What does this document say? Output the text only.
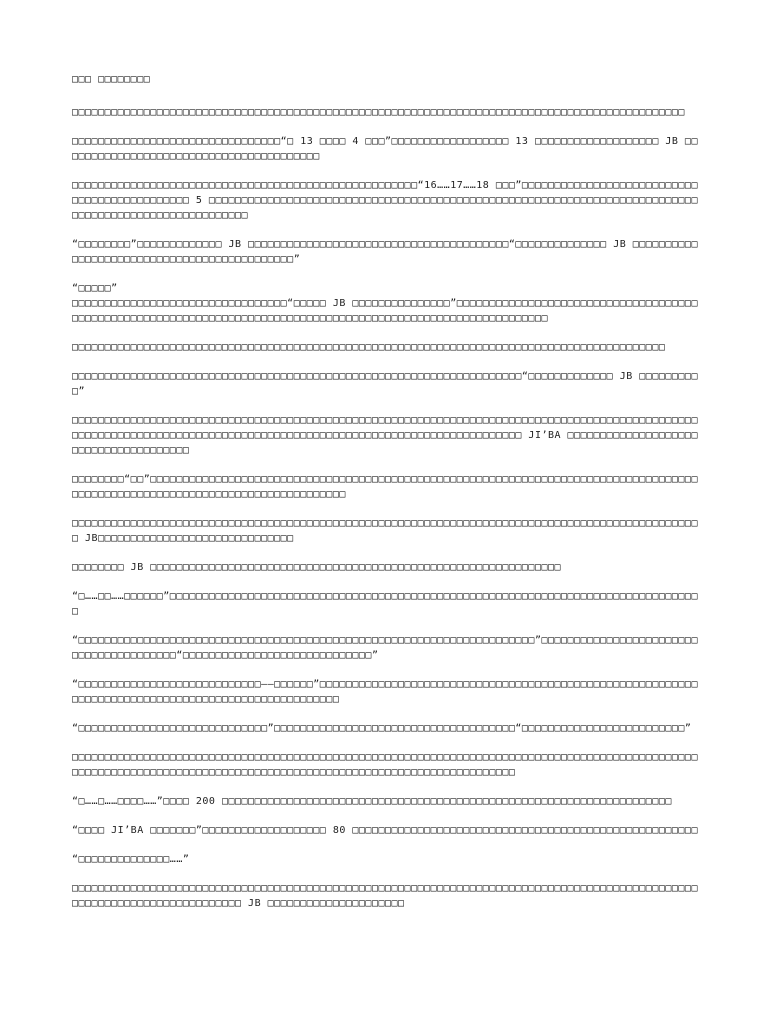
□□□ □□□□□□□□

□□□□□□□□□□□□□□□□□□□□□□□□□□□□□□□□□□□□□□□□□□□□□□□□□□□□□□□□□□□□□□□□□□□□□□□□□□□□□□□□□□□□□□□□□□□□□□

□□□□□□□□□□□□□□□□□□□□□□□□□□□□□□□□“□ 13 □□□□ 4 □□□”□□□□□□□□□□□□□□□□□□ 13 □□□□□□□□□□□□□□□□□□□ JB □□□□□□□□□□□□□□□□□□□□□□□□□□□□□□□□□□□□□□□□

□□□□□□□□□□□□□□□□□□□□□□□□□□□□□□□□□□□□□□□□□□□□□□□□□□□□□“16……17……18 □□□”□□□□□□□□□□□□□□□□□□□□□□□□□□□□□□□□□□□□□□□□□□□□□ 5 □□□□□□□□□□□□□□□□□□□□□□□□□□□□□□□□□□□□□□□□□□□□□□□□□□□□□□□□□□□□□□□□□□□□□□□□□□□□□□□□□□□□□□□□□□□□□□□□□□□□□□

“□□□□□□□□”□□□□□□□□□□□□□ JB □□□□□□□□□□□□□□□□□□□□□□□□□□□□□□□□□□□□□□□□“□□□□□□□□□□□□□□ JB □□□□□□□□□□□□□□□□□□□□□□□□□□□□□□□□□□□□□□□□□□□□”

“□□□□□”
□□□□□□□□□□□□□□□□□□□□□□□□□□□□□□□□□“□□□□□ JB □□□□□□□□□□□□□□□”□□□□□□□□□□□□□□□□□□□□□□□□□□□□□□□□□□□□□□□□□□□□□□□□□□□□□□□□□□□□□□□□□□□□□□□□□□□□□□□□□□□□□□□□□□□□□□□□□□□□□□□□□□□□□□

□□□□□□□□□□□□□□□□□□□□□□□□□□□□□□□□□□□□□□□□□□□□□□□□□□□□□□□□□□□□□□□□□□□□□□□□□□□□□□□□□□□□□□□□□□□

□□□□□□□□□□□□□□□□□□□□□□□□□□□□□□□□□□□□□□□□□□□□□□□□□□□□□□□□□□□□□□□□□□□□□“□□□□□□□□□□□□□ JB □□□□□□□□□□”

□□□□□□□□□□□□□□□□□□□□□□□□□□□□□□□□□□□□□□□□□□□□□□□□□□□□□□□□□□□□□□□□□□□□□□□□□□□□□□□□□□□□□□□□□□□□□□□□□□□□□□□□□□□□□□□□□□□□□□□□□□□□□□□□□□□□□□□□□□□□□□□□□□□□□□□□□□□□□□□□□□□□□ JI’BA □□□□□□□□□□□□□□□□□□□□□□□□□□□□□□□□□□□□□□

□□□□□□□□“□□”□□□□□□□□□□□□□□□□□□□□□□□□□□□□□□□□□□□□□□□□□□□□□□□□□□□□□□□□□□□□□□□□□□□□□□□□□□□□□□□□□□□□□□□□□□□□□□□□□□□□□□□□□□□□□□□□□□□□□□□□□□□□□□

□□□□□□□□□□□□□□□□□□□□□□□□□□□□□□□□□□□□□□□□□□□□□□□□□□□□□□□□□□□□□□□□□□□□□□□□□□□□□□□□□□□□□□□□□□□□□□□□□ JB□□□□□□□□□□□□□□□□□□□□□□□□□□□□□□

□□□□□□□□ JB □□□□□□□□□□□□□□□□□□□□□□□□□□□□□□□□□□□□□□□□□□□□□□□□□□□□□□□□□□□□□□□

“□……□□……□□□□□□”□□□□□□□□□□□□□□□□□□□□□□□□□□□□□□□□□□□□□□□□□□□□□□□□□□□□□□□□□□□□□□□□□□□□□□□□□□□□□□□□□□

“□□□□□□□□□□□□□□□□□□□□□□□□□□□□□□□□□□□□□□□□□□□□□□□□□□□□□□□□□□□□□□□□□□□□□□”□□□□□□□□□□□□□□□□□□□□□□□□□□□□□□□□□□□□□□□□“□□□□□□□□□□□□□□□□□□□□□□□□□□□□□”

“□□□□□□□□□□□□□□□□□□□□□□□□□□□□——□□□□□□”□□□□□□□□□□□□□□□□□□□□□□□□□□□□□□□□□□□□□□□□□□□□□□□□□□□□□□□□□□□□□□□□□□□□□□□□□□□□□□□□□□□□□□□□□□□□□□□□□□□

“□□□□□□□□□□□□□□□□□□□□□□□□□□□□□”□□□□□□□□□□□□□□□□□□□□□□□□□□□□□□□□□□□□□“□□□□□□□□□□□□□□□□□□□□□□□□□”

□□□□□□□□□□□□□□□□□□□□□□□□□□□□□□□□□□□□□□□□□□□□□□□□□□□□□□□□□□□□□□□□□□□□□□□□□□□□□□□□□□□□□□□□□□□□□□□□□□□□□□□□□□□□□□□□□□□□□□□□□□□□□□□□□□□□□□□□□□□□□□□□□□□□□□□□□□□□□□□□□□□□

“□……□……□□□□……”□□□□ 200 □□□□□□□□□□□□□□□□□□□□□□□□□□□□□□□□□□□□□□□□□□□□□□□□□□□□□□□□□□□□□□□□□□□□□

“□□□□ JI’BA □□□□□□□”□□□□□□□□□□□□□□□□□□□ 80 □□□□□□□□□□□□□□□□□□□□□□□□□□□□□□□□□□□□□□□□□□□□□□□□□□□□□

“□□□□□□□□□□□□□□……”

□□□□□□□□□□□□□□□□□□□□□□□□□□□□□□□□□□□□□□□□□□□□□□□□□□□□□□□□□□□□□□□□□□□□□□□□□□□□□□□□□□□□□□□□□□□□□□□□□□□□□□□□□□□□□□□□□□□□□□□□□□ JB □□□□□□□□□□□□□□□□□□□□□
